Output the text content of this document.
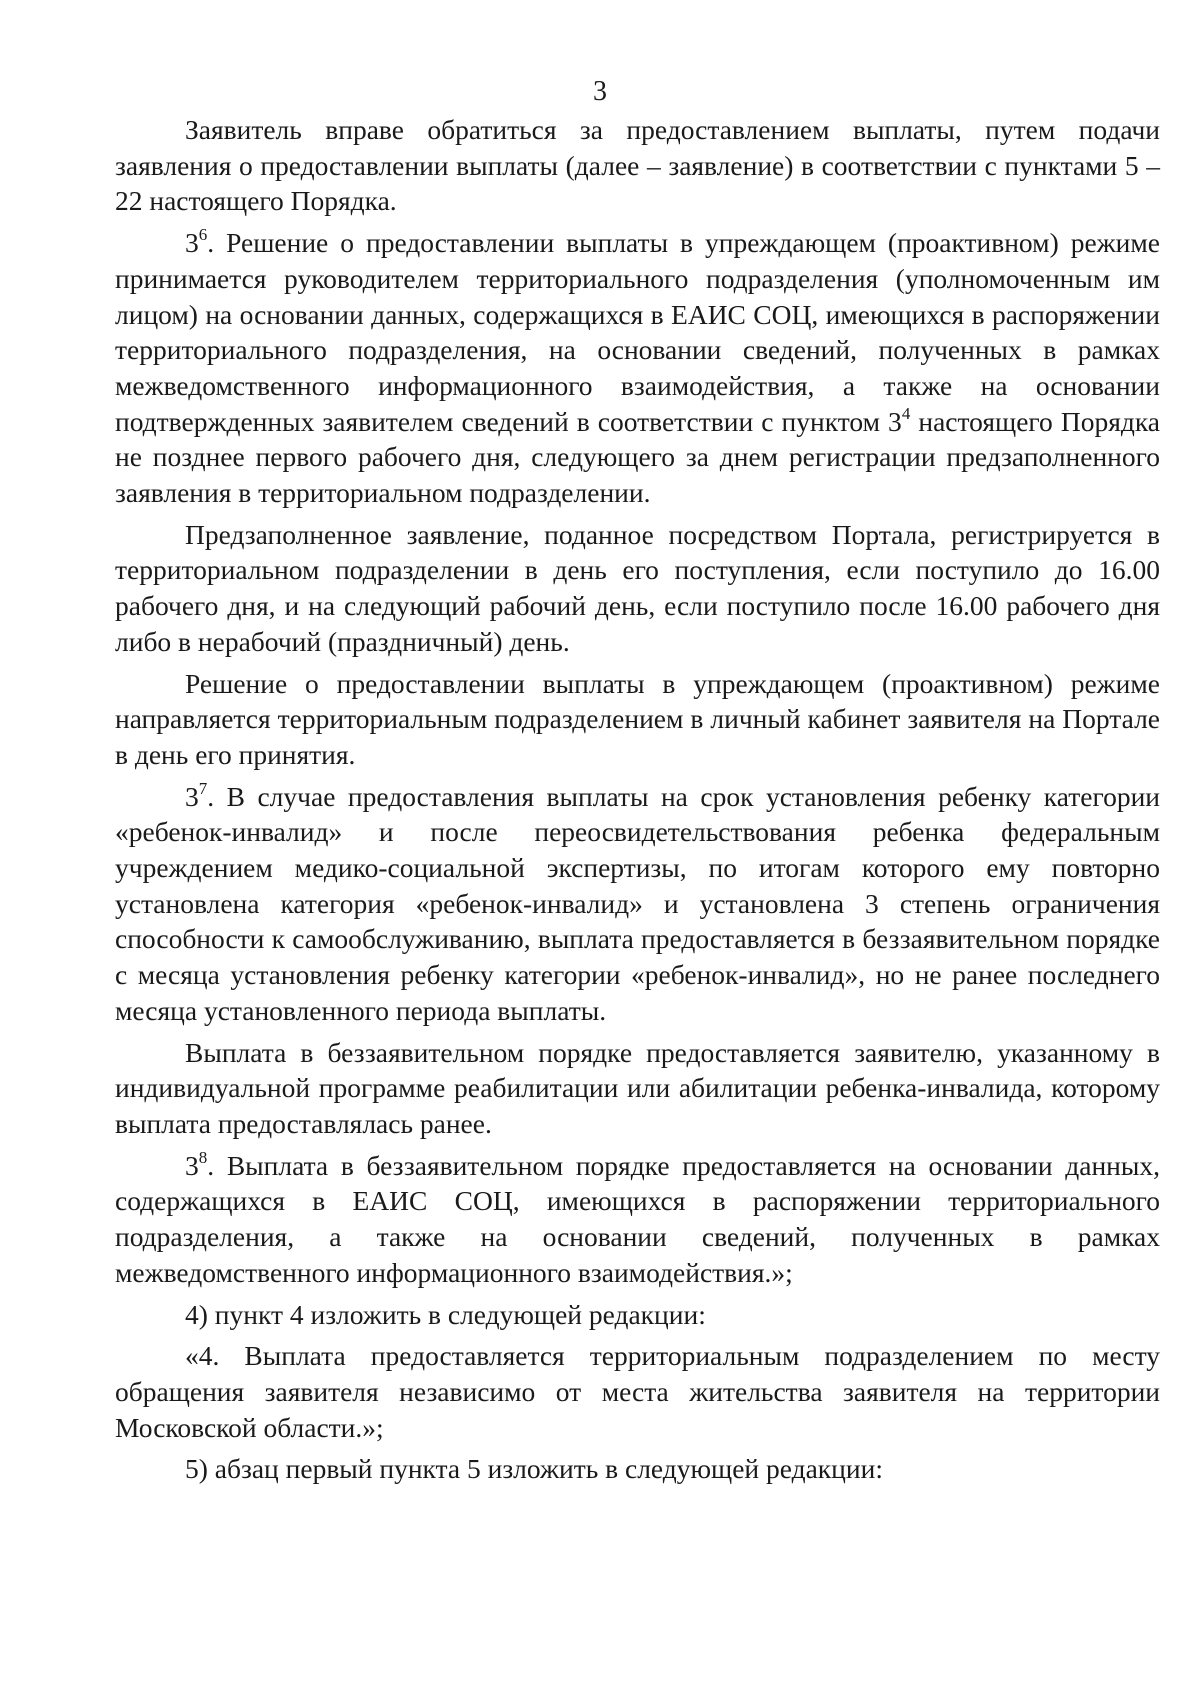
3

Заявитель вправе обратиться за предоставлением выплаты, путем подачи заявления о предоставлении выплаты (далее – заявление) в соответствии с пунктами 5 – 22 настоящего Порядка.

$3^6$. Решение о предоставлении выплаты в упреждающем (проактивном) режиме принимается руководителем территориального подразделения (уполномоченным им лицом) на основании данных, содержащихся в ЕАИС СОЦ, имеющихся в распоряжении территориального подразделения, на основании сведений, полученных в рамках межведомственного информационного взаимодействия, а также на основании подтвержденных заявителем сведений в соответствии с пунктом $3^4$ настоящего Порядка не позднее первого рабочего дня, следующего за днем регистрации предзаполненного заявления в территориальном подразделении.

Предзаполненное заявление, поданное посредством Портала, регистрируется в территориальном подразделении в день его поступления, если поступило до 16.00 рабочего дня, и на следующий рабочий день, если поступило после 16.00 рабочего дня либо в нерабочий (праздничный) день.

Решение о предоставлении выплаты в упреждающем (проактивном) режиме направляется территориальным подразделением в личный кабинет заявителя на Портале в день его принятия.

$3^7$. В случае предоставления выплаты на срок установления ребенку категории «ребенок-инвалид» и после переосвидетельствования ребенка федеральным учреждением медико-социальной экспертизы, по итогам которого ему повторно установлена категория «ребенок-инвалид» и установлена 3 степень ограничения способности к самообслуживанию, выплата предоставляется в беззаявительном порядке с месяца установления ребенку категории «ребенок-инвалид», но не ранее последнего месяца установленного периода выплаты.

Выплата в беззаявительном порядке предоставляется заявителю, указанному в индивидуальной программе реабилитации или абилитации ребенка-инвалида, которому выплата предоставлялась ранее.

$3^8$. Выплата в беззаявительном порядке предоставляется на основании данных, содержащихся в ЕАИС СОЦ, имеющихся в распоряжении территориального подразделения, а также на основании сведений, полученных в рамках межведомственного информационного взаимодействия.»;

4) пункт 4 изложить в следующей редакции:

«4. Выплата предоставляется территориальным подразделением по месту обращения заявителя независимо от места жительства заявителя на территории Московской области.»;

5) абзац первый пункта 5 изложить в следующей редакции:
